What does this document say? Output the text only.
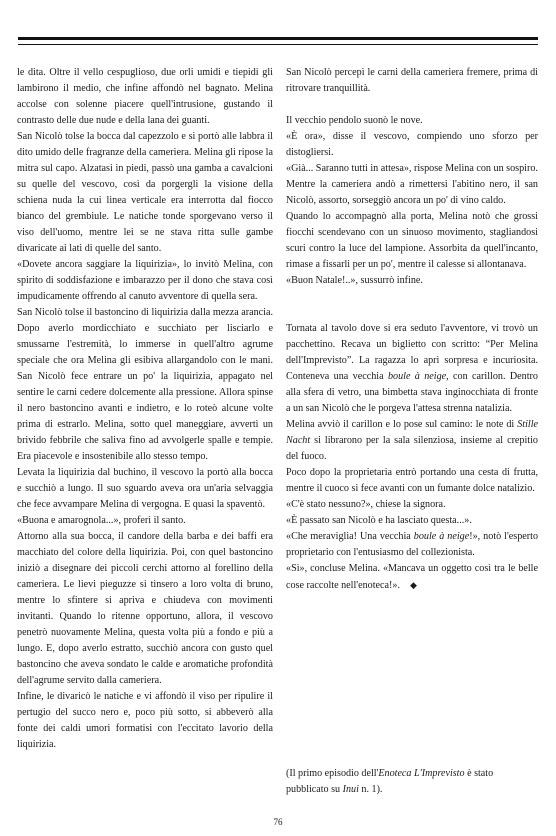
le dita. Oltre il vello cespuglioso, due orli umidi e tiepidi gli lambirono il medio, che infine affondò nel bagnato. Melina accolse con solenne piacere quell'intrusione, gustando il contrasto delle due nude e della lana dei guanti.

San Nicolò tolse la bocca dal capezzolo e si portò alle labbra il dito umido delle fragranze della cameriera. Melina gli ripose la mitra sul capo. Alzatasi in piedi, passò una gamba a cavalcioni su quelle del vescovo, così da porgergli la visione della schiena nuda la cui linea verticale era interrotta dal fiocco bianco del grembiule. Le natiche tonde sporgevano verso il viso dell'uomo, mentre lei se ne stava ritta sulle gambe divaricate ai lati di quelle del santo.

«Dovete ancora saggiare la liquirizia», lo invitò Melina, con spirito di soddisfazione e imbarazzo per il dono che stava così impudicamente offrendo al canuto avventore di quella sera.

San Nicolò tolse il bastoncino di liquirizia dalla mezza arancia. Dopo averlo mordicchiato e succhiato per lisciarlo e smussarne l'estremità, lo immerse in quell'altro agrume speciale che ora Melina gli esibiva allargandolo con le mani. San Nicolò fece entrare un po' la liquirizia, appagato nel sentire le carni cedere dolcemente alla pressione. Allora spinse il nero bastoncino avanti e indietro, e lo roteò alcune volte prima di estrarlo. Melina, sotto quel maneggiare, avvertì un brivido febbrile che saliva fino ad avvolgerle spalle e tempie. Era piacevole e insostenibile allo stesso tempo.

Levata la liquirizia dal buchino, il vescovo la portò alla bocca e succhiò a lungo. Il suo sguardo aveva ora un'aria selvaggia che fece avvampare Melina di vergogna. E quasi la spaventò.

«Buona e amarognola...», proferì il santo.

Attorno alla sua bocca, il candore della barba e dei baffi era macchiato del colore della liquirizia. Poi, con quel bastoncino iniziò a disegnare dei piccoli cerchi attorno al forellino della cameriera. Le lievi pieguzze si tinsero a loro volta di bruno, mentre lo sfintere si apriva e chiudeva con movimenti invitanti. Quando lo ritenne opportuno, allora, il vescovo penetrò nuovamente Melina, questa volta più a fondo e più a lungo. E, dopo averlo estratto, succhiò ancora con gusto quel bastoncino che aveva sondato le calde e aromatiche profondità dell'agrume servito dalla cameriera.

Infine, le divaricò le natiche e vi affondò il viso per ripulire il pertugio del succo nero e, poco più sotto, si abbeverò alla fonte dei caldi umori formatisi con l'eccitato lavorio della liquirizia.

San Nicolò percepì le carni della cameriera fremere, prima di ritrovare tranquillità.

Il vecchio pendolo suonò le nove.

«È ora», disse il vescovo, compiendo uno sforzo per distogliersi.

«Già... Saranno tutti in attesa», rispose Melina con un sospiro.

Mentre la cameriera andò a rimettersi l'abitino nero, il san Nicolò, assorto, sorseggiò ancora un po' di vino caldo.

Quando lo accompagnò alla porta, Melina notò che grossi fiocchi scendevano con un sinuoso movimento, stagliandosi scuri contro la luce del lampione. Assorbita da quell'incanto, rimase a fissarli per un po', mentre il calesse si allontanava.

«Buon Natale!..», sussurrò infine.

Tornata al tavolo dove si era seduto l'avventore, vi trovò un pacchettino. Recava un biglietto con scritto: “Per Melina dell'Imprevisto”. La ragazza lo aprì sorpresa e incuriosita. Conteneva una vecchia boule à neige, con carillon. Dentro alla sfera di vetro, una bimbetta stava inginocchiata di fronte a un san Nicolò che le porgeva l'attesa strenna natalizia.

Melina avviò il carillon e lo pose sul camino: le note di Stille Nacht si librarono per la sala silenziosa, insieme al crepitio del fuoco.

Poco dopo la proprietaria entrò portando una cesta di frutta, mentre il cuoco si fece avanti con un fumante dolce natalizio.

«C'è stato nessuno?», chiese la signora.

«È passato san Nicolò e ha lasciato questa...».

«Che meraviglia! Una vecchia boule à neige!», notò l'esperto proprietario con l'entusiasmo del collezionista.

«Sì», concluse Melina. «Mancava un oggetto così tra le belle cose raccolte nell'enoteca!». ◆

(Il primo episodio dell'Enoteca L'Imprevisto è stato pubblicato su Inui n. 1).
76
